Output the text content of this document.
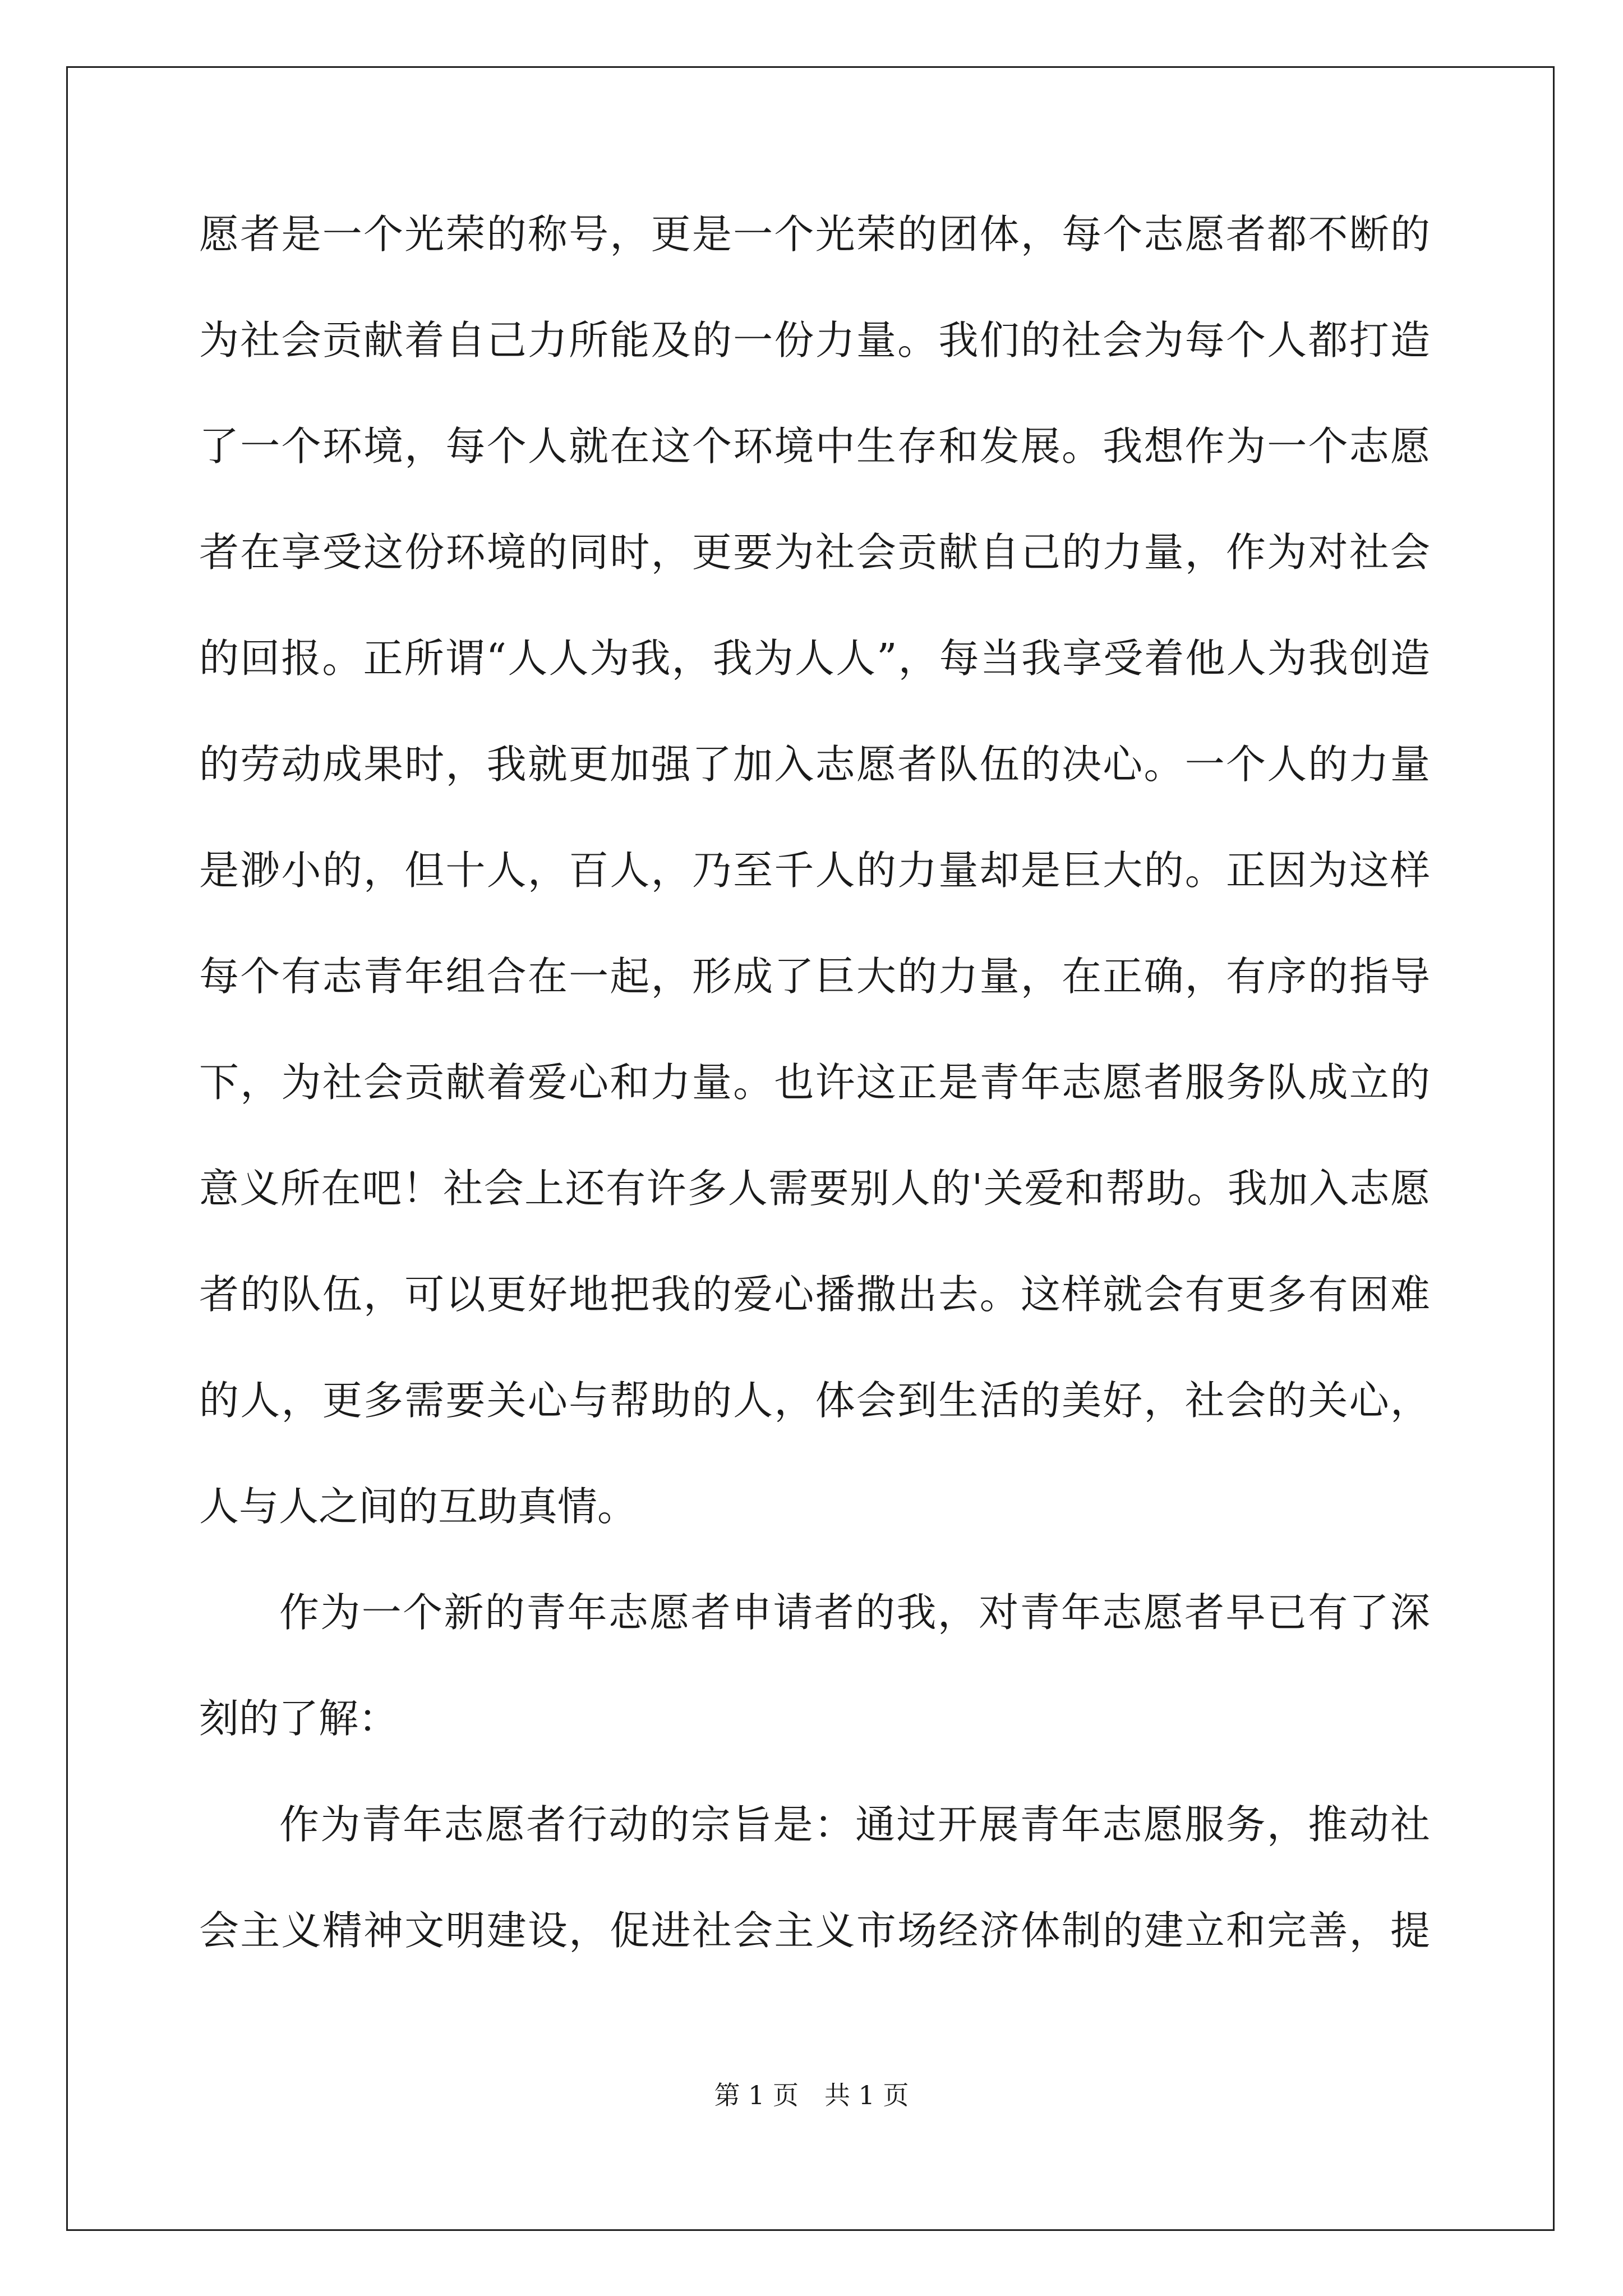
愿者是一个光荣的称号，更是一个光荣的团体，每个志愿者都不断的
为社会贡献着自己力所能及的一份力量。我们的社会为每个人都打造
了一个环境，每个人就在这个环境中生存和发展。我想作为一个志愿
者在享受这份环境的同时，更要为社会贡献自己的力量，作为对社会
的回报。正所谓“人人为我，我为人人”，每当我享受着他人为我创造
的劳动成果时，我就更加强了加入志愿者队伍的决心。一个人的力量
是渺小的，但十人，百人，乃至千人的力量却是巨大的。正因为这样
每个有志青年组合在一起，形成了巨大的力量，在正确，有序的指导
下，为社会贡献着爱心和力量。也许这正是青年志愿者服务队成立的
意义所在吧！社会上还有许多人需要别人的'关爱和帮助。我加入志愿
者的队伍，可以更好地把我的爱心播撒出去。这样就会有更多有困难
的人，更多需要关心与帮助的人，体会到生活的美好，社会的关心，
人与人之间的互助真情。
作为一个新的青年志愿者申请者的我，对青年志愿者早已有了深
刻的了解：
作为青年志愿者行动的宗旨是：通过开展青年志愿服务，推动社
会主义精神文明建设，促进社会主义市场经济体制的建立和完善，提
第 1 页 共 1 页
